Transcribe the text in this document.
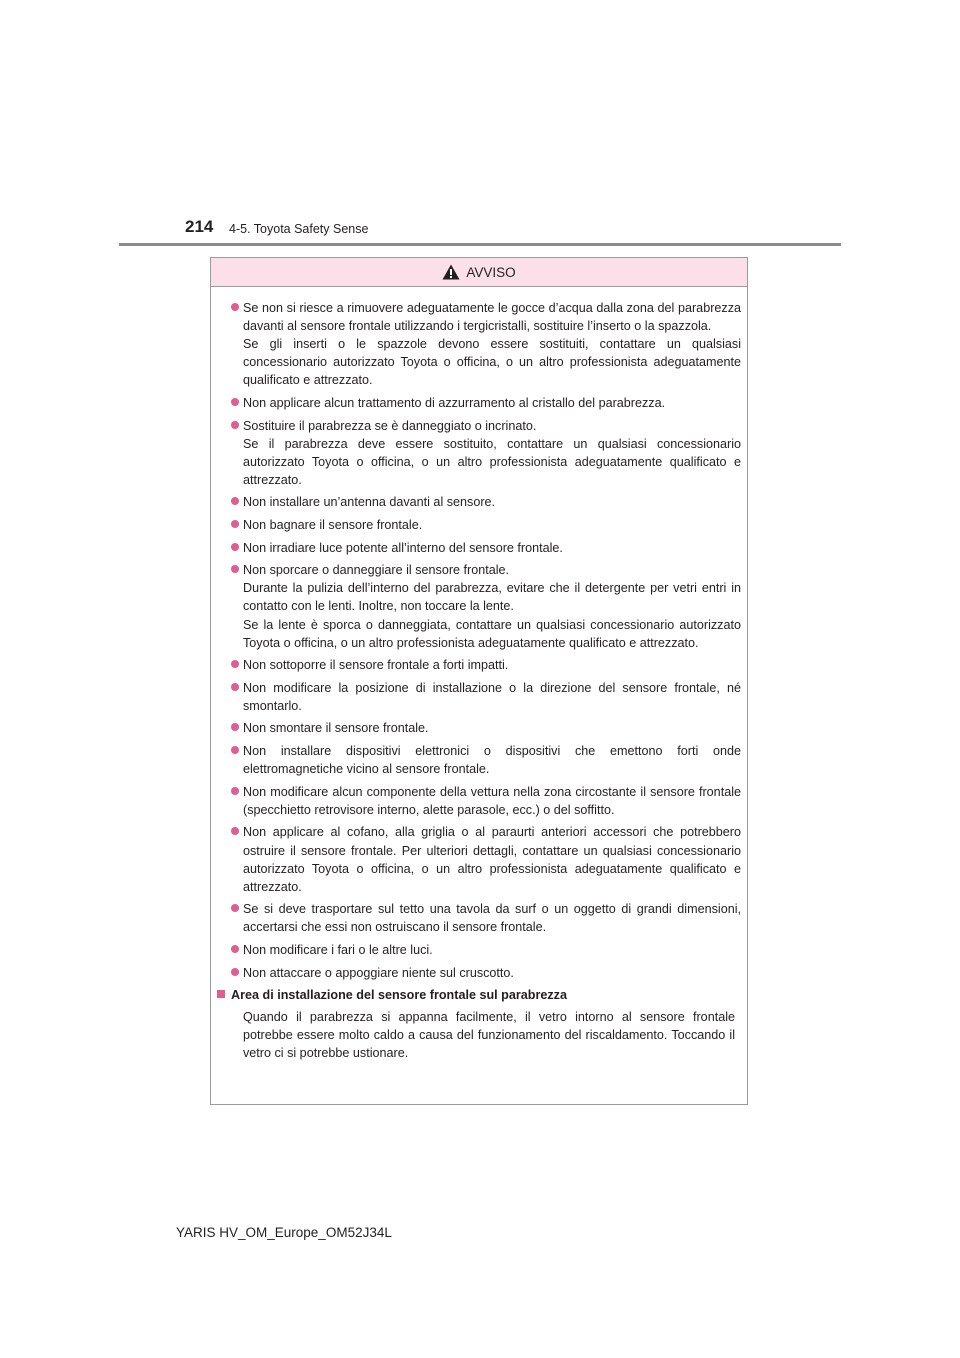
214 4-5. Toyota Safety Sense
AVVISO
Se non si riesce a rimuovere adeguatamente le gocce d’acqua dalla zona del parabrezza davanti al sensore frontale utilizzando i tergicristalli, sostituire l’inserto o la spazzola.
Se gli inserti o le spazzole devono essere sostituiti, contattare un qualsiasi concessionario autorizzato Toyota o officina, o un altro professionista adeguatamente qualificato e attrezzato.
Non applicare alcun trattamento di azzurramento al cristallo del parabrezza.
Sostituire il parabrezza se è danneggiato o incrinato.
Se il parabrezza deve essere sostituito, contattare un qualsiasi concessionario autorizzato Toyota o officina, o un altro professionista adeguatamente qualificato e attrezzato.
Non installare un’antenna davanti al sensore.
Non bagnare il sensore frontale.
Non irradiare luce potente all’interno del sensore frontale.
Non sporcare o danneggiare il sensore frontale.
Durante la pulizia dell’interno del parabrezza, evitare che il detergente per vetri entri in contatto con le lenti. Inoltre, non toccare la lente.
Se la lente è sporca o danneggiata, contattare un qualsiasi concessionario autorizzato Toyota o officina, o un altro professionista adeguatamente qualificato e attrezzato.
Non sottoporre il sensore frontale a forti impatti.
Non modificare la posizione di installazione o la direzione del sensore frontale, né smontarlo.
Non smontare il sensore frontale.
Non installare dispositivi elettronici o dispositivi che emettono forti onde elettromagnetiche vicino al sensore frontale.
Non modificare alcun componente della vettura nella zona circostante il sensore frontale (specchietto retrovisore interno, alette parasole, ecc.) o del soffitto.
Non applicare al cofano, alla griglia o al paraurti anteriori accessori che potrebbero ostruire il sensore frontale. Per ulteriori dettagli, contattare un qualsiasi concessionario autorizzato Toyota o officina, o un altro professionista adeguatamente qualificato e attrezzato.
Se si deve trasportare sul tetto una tavola da surf o un oggetto di grandi dimensioni, accertarsi che essi non ostruiscano il sensore frontale.
Non modificare i fari o le altre luci.
Non attaccare o appoggiare niente sul cruscotto.
Area di installazione del sensore frontale sul parabrezza
Quando il parabrezza si appanna facilmente, il vetro intorno al sensore frontale potrebbe essere molto caldo a causa del funzionamento del riscaldamento. Toccando il vetro ci si potrebbe ustionare.
YARIS HV_OM_Europe_OM52J34L
